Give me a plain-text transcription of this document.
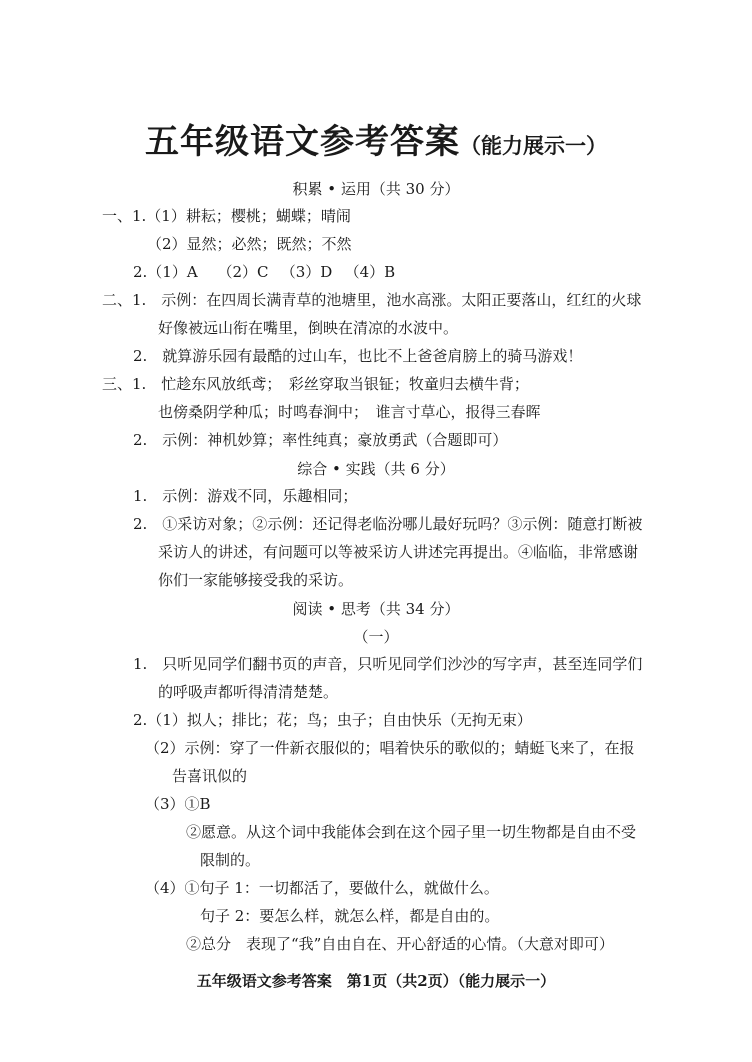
五年级语文参考答案（能力展示一）
积累 • 运用（共 30 分）
一、1.（1）耕耘；樱桃；蝴蝶；晴闹
（2）显然；必然；既然；不然
2.（1）A　 （2）C 　（3）D 　（4）B
二、1.　示例：在四周长满青草的池塘里，池水高涨。太阳正要落山，红红的火球
好像被远山衔在嘴里，倒映在清凉的水波中。
2.　就算游乐园有最酷的过山车，也比不上爸爸肩膀上的骑马游戏！
三、1.　忙趁东风放纸鸢；　彩丝穿取当银钲；牧童归去横牛背；
也傍桑阴学种瓜；时鸣春涧中；　谁言寸草心，报得三春晖
2.　示例：神机妙算；率性纯真；豪放勇武（合题即可）
综合 • 实践（共 6 分）
1.　示例：游戏不同，乐趣相同；
2.　①采访对象；②示例：还记得老临汾哪儿最好玩吗？③示例：随意打断被
采访人的讲述，有问题可以等被采访人讲述完再提出。④临临，非常感谢
你们一家能够接受我的采访。
阅读 • 思考（共 34 分）
（一）
1.　只听见同学们翻书页的声音，只听见同学们沙沙的写字声，甚至连同学们
的呼吸声都听得清清楚楚。
2.（1）拟人；排比；花；鸟；虫子；自由快乐（无拘无束）
（2）示例：穿了一件新衣服似的；唱着快乐的歌似的；蜻蜓飞来了，在报
告喜讯似的
（3）①B
②愿意。从这个词中我能体会到在这个园子里一切生物都是自由不受
限制的。
（4）①句子 1：一切都活了，要做什么，就做什么。
句子 2：要怎么样，就怎么样，都是自由的。
②总分　表现了“我”自由自在、开心舒适的心情。（大意对即可）
五年级语文参考答案　第1页（共2页）（能力展示一）
